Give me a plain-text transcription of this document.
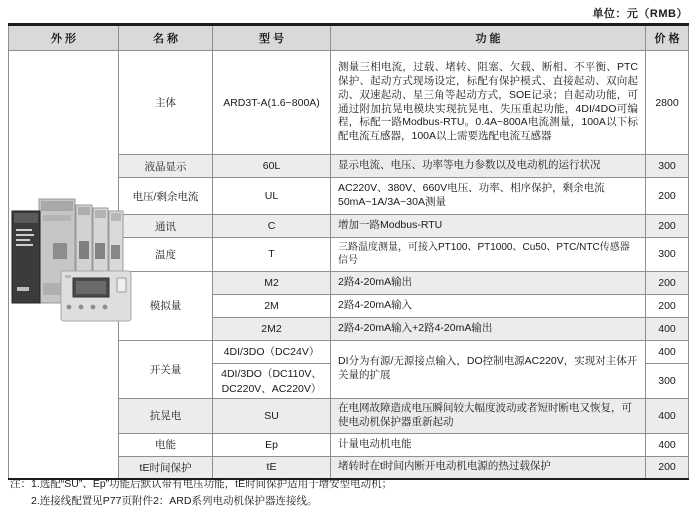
单位：元（RMB）
外 形	名 称	型 号	功 能	价 格

	主体	ARD3T-A(1.6~800A)	测量三相电流，过载、堵转、阻塞、欠载、断相、不平衡、PTC保护、起动方式现场设定，标配有保护模式、直接起动、双向起动、双速起动、星三角等起动方式，SOE记录；自起动功能，可通过附加抗晃电模块实现抗晃电、失压重起功能，4DI/4DO可编程，标配一路Modbus-RTU。0.4A~800A电流测量，100A以下标配电流互感器，100A以上需要选配电流互感器	2800
	液晶显示	60L	显示电流、电压、功率等电力参数以及电动机的运行状况	300
	电压/剩余电流	UL	AC220V、380V、660V电压、功率、相序保护，剩余电流50mA~1A/3A~30A测量	200
	通讯	C	增加一路Modbus-RTU	200
	温度	T	三路温度测量，可接入PT100、PT1000、Cu50、PTC/NTC传感器信号	300
	模拟量	M2	2路4-20mA输出	200
		2M	2路4-20mA输入	200
		2M2	2路4-20mA输入+2路4-20mA输出	400
	开关量	4DI/3DO（DC24V）	DI分为有源/无源接点输入，DO控制电源AC220V，实现对主体开关量的扩展	400
		4DI/3DO（DC110V、DC220V、AC220V）		300
	抗晃电	SU	在电网故障造成电压瞬间较大幅度波动或者短时断电又恢复，可使电动机保护器重新起动	400
	电能	Ep	计量电动机电能	400
	tE时间保护	tE	堵转时在t时间内断开电动机电源的热过载保护	200
注： 1.选配“SU”、Ep”功能后默认带有电压功能，tE时间保护适用于增安型电动机；
2.连接线配置见P77页附件2：ARD系列电动机保护器连接线。
